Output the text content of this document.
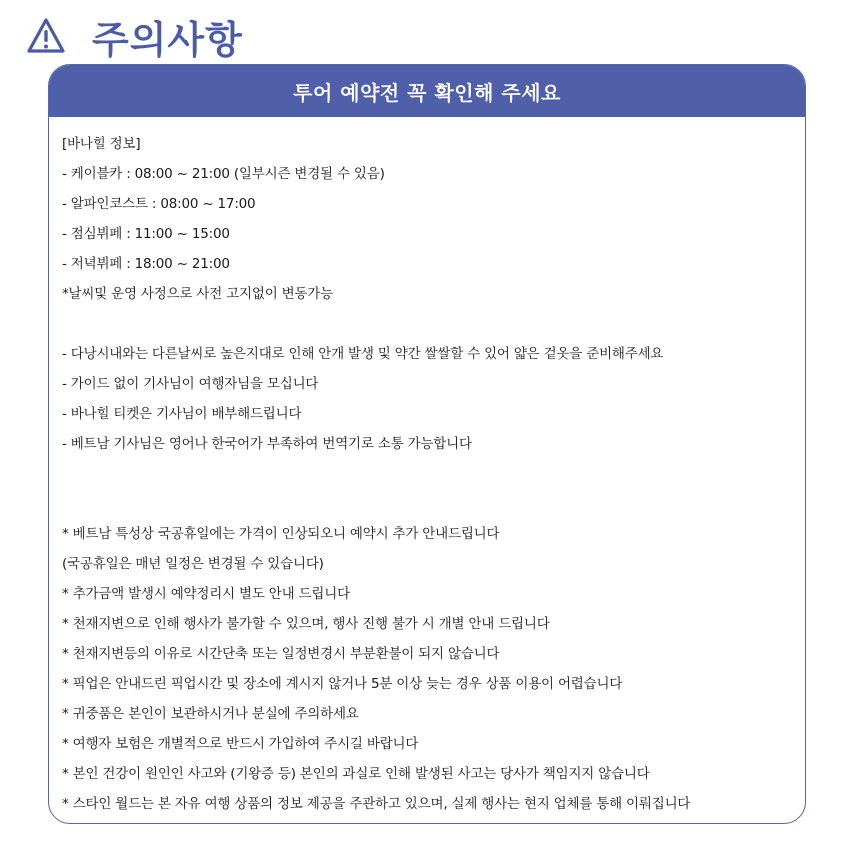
주의사항
투어 예약전 꼭 확인해 주세요
[바나힐 정보]
- 케이블카 : 08:00 ~ 21:00 (일부시즌 변경될 수 있음)
- 알파인코스트 : 08:00 ~ 17:00
- 점심뷔페 : 11:00 ~ 15:00
- 저녁뷔페 : 18:00 ~ 21:00
*날씨및 운영 사정으로 사전 고지없이 변동가능
- 다낭시내와는 다른날씨로 높은지대로 인해 안개 발생 및 약간 쌀쌀할 수 있어 얇은 겉옷을 준비해주세요
- 가이드 없이 기사님이 여행자님을 모십니다
- 바나힐 티켓은 기사님이 배부해드립니다
- 베트남 기사님은 영어나 한국어가 부족하여 번역기로 소통 가능합니다
* 베트남 특성상 국공휴일에는 가격이 인상되오니 예약시 추가 안내드립니다
(국공휴일은 매년 일정은 변경될 수 있습니다)
* 추가금액 발생시 예약정리시 별도 안내 드립니다
* 천재지변으로 인해 행사가 불가할 수 있으며, 행사 진행 불가 시 개별 안내 드립니다
* 천재지변등의 이유로 시간단축 또는 일정변경시 부분환불이 되지 않습니다
* 픽업은 안내드린 픽업시간 및 장소에 계시지 않거나 5분 이상 늦는 경우 상품 이용이 어렵습니다
* 귀중품은 본인이 보관하시거나 분실에 주의하세요
* 여행자 보험은 개별적으로 반드시 가입하여 주시길 바랍니다
* 본인 건강이 원인인 사고와 (기왕증 등) 본인의 과실로 인해 발생된 사고는 당사가 책임지지 않습니다
* 스타인 월드는 본 자유 여행 상품의 정보 제공을 주관하고 있으며, 실제 행사는 현지 업체를 통해 이뤄집니다
